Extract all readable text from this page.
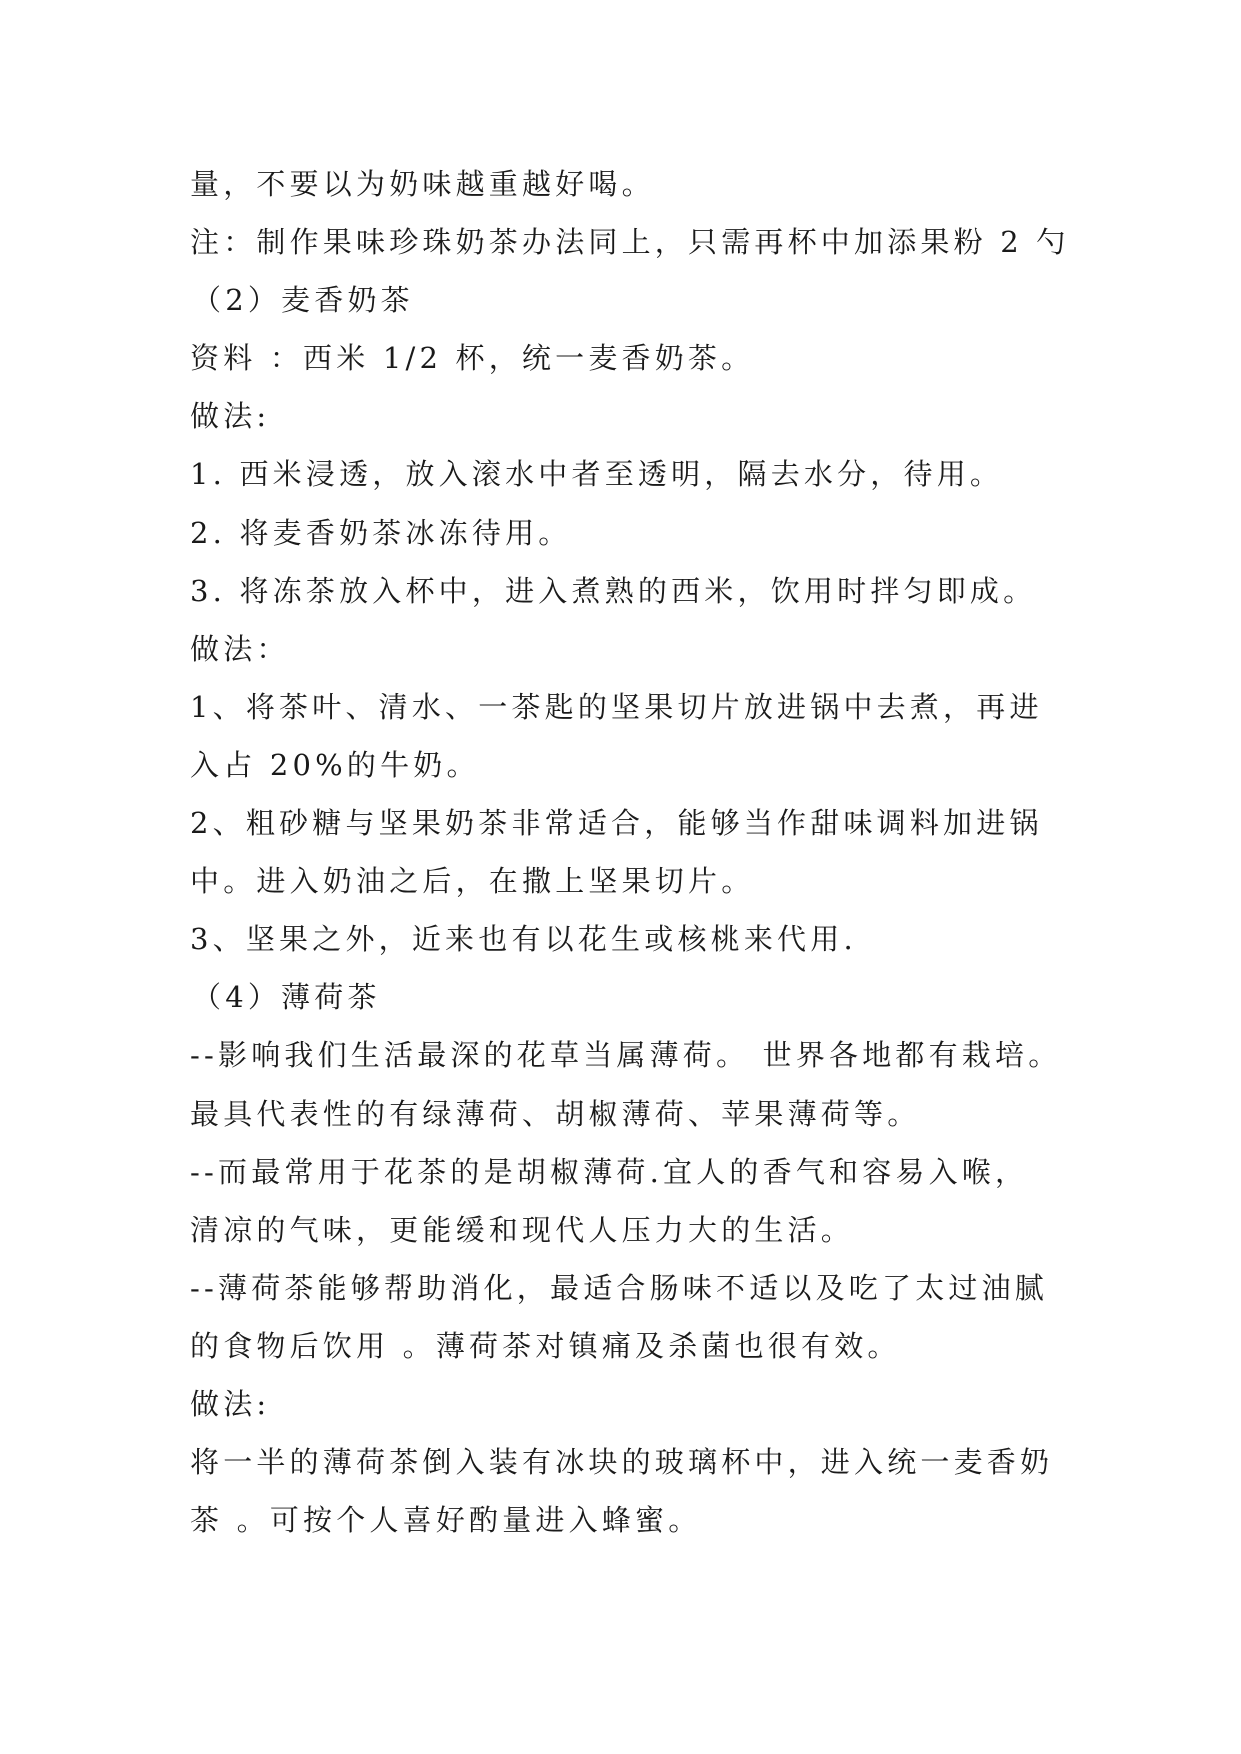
量，不要以为奶味越重越好喝。
注：制作果味珍珠奶茶办法同上，只需再杯中加添果粉 2 勺
（2）麦香奶茶
资料 ：西米 1/2 杯，统一麦香奶茶。
做法:
1. 西米浸透，放入滚水中者至透明，隔去水分，待用。
2. 将麦香奶茶冰冻待用。
3. 将冻茶放入杯中，进入煮熟的西米，饮用时拌匀即成。
做法：
1、将茶叶、清水、一茶匙的坚果切片放进锅中去煮，再进
入占 20%的牛奶。
2、粗砂糖与坚果奶茶非常适合，能够当作甜味调料加进锅
中。进入奶油之后，在撒上坚果切片。
3、坚果之外，近来也有以花生或核桃来代用.
（4）薄荷茶
--影响我们生活最深的花草当属薄荷。 世界各地都有栽培。
最具代表性的有绿薄荷、胡椒薄荷、苹果薄荷等。
--而最常用于花茶的是胡椒薄荷.宜人的香气和容易入喉，
清凉的气味，更能缓和现代人压力大的生活。
--薄荷茶能够帮助消化，最适合肠味不适以及吃了太过油腻
的食物后饮用 。薄荷茶对镇痛及杀菌也很有效。
做法:
将一半的薄荷茶倒入装有冰块的玻璃杯中，进入统一麦香奶
茶 。可按个人喜好酌量进入蜂蜜。
